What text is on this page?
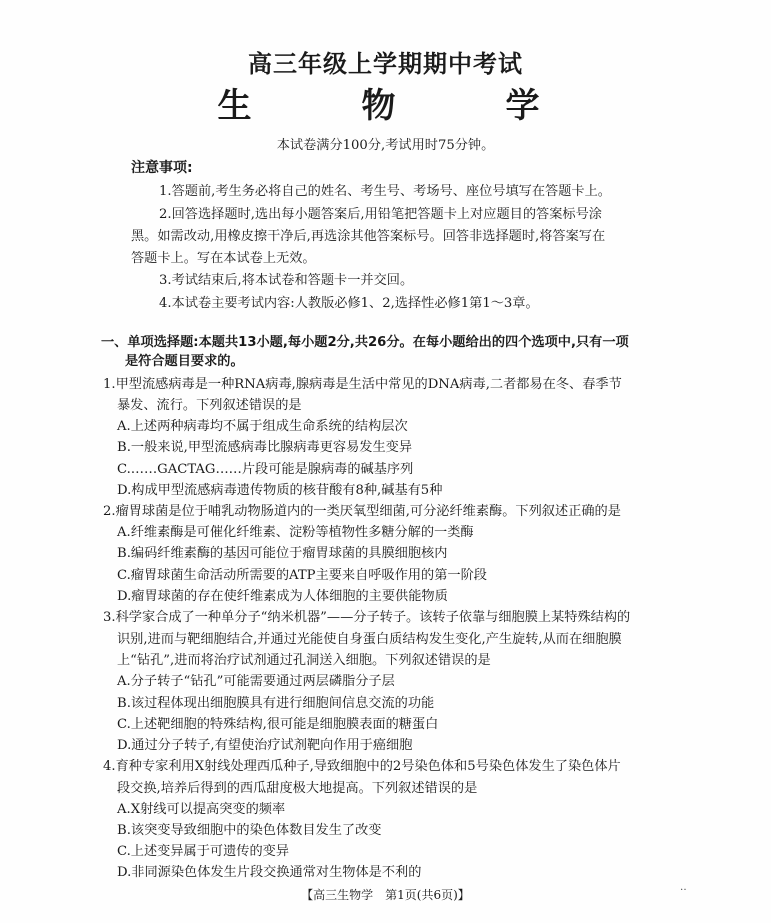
高三年级上学期期中考试
生　物　学
本试卷满分100分,考试用时75分钟。
注意事项:
1.答题前,考生务必将自己的姓名、考生号、考场号、座位号填写在答题卡上。
2.回答选择题时,选出每小题答案后,用铅笔把答题卡上对应题目的答案标号涂
黑。如需改动,用橡皮擦干净后,再选涂其他答案标号。回答非选择题时,将答案写在
答题卡上。写在本试卷上无效。
3.考试结束后,将本试卷和答题卡一并交回。
4.本试卷主要考试内容:人教版必修1、2,选择性必修1第1～3章。
一、单项选择题:本题共13小题,每小题2分,共26分。在每小题给出的四个选项中,只有一项
是符合题目要求的。
1.甲型流感病毒是一种RNA病毒,腺病毒是生活中常见的DNA病毒,二者都易在冬、春季节
暴发、流行。下列叙述错误的是
A.上述两种病毒均不属于组成生命系统的结构层次
B.一般来说,甲型流感病毒比腺病毒更容易发生变异
C.……GACTAG……片段可能是腺病毒的碱基序列
D.构成甲型流感病毒遗传物质的核苷酸有8种,碱基有5种
2.瘤胃球菌是位于哺乳动物肠道内的一类厌氧型细菌,可分泌纤维素酶。下列叙述正确的是
A.纤维素酶是可催化纤维素、淀粉等植物性多糖分解的一类酶
B.编码纤维素酶的基因可能位于瘤胃球菌的具膜细胞核内
C.瘤胃球菌生命活动所需要的ATP主要来自呼吸作用的第一阶段
D.瘤胃球菌的存在使纤维素成为人体细胞的主要供能物质
3.科学家合成了一种单分子“纳米机器”——分子转子。该转子依靠与细胞膜上某特殊结构的
识别,进而与靶细胞结合,并通过光能使自身蛋白质结构发生变化,产生旋转,从而在细胞膜
上“钻孔”,进而将治疗试剂通过孔洞送入细胞。下列叙述错误的是
A.分子转子“钻孔”可能需要通过两层磷脂分子层
B.该过程体现出细胞膜具有进行细胞间信息交流的功能
C.上述靶细胞的特殊结构,很可能是细胞膜表面的糖蛋白
D.通过分子转子,有望使治疗试剂靶向作用于癌细胞
4.育种专家利用X射线处理西瓜种子,导致细胞中的2号染色体和5号染色体发生了染色体片
段交换,培养后得到的西瓜甜度极大地提高。下列叙述错误的是
A.X射线可以提高突变的频率
B.该突变导致细胞中的染色体数目发生了改变
C.上述变异属于可遗传的变异
D.非同源染色体发生片段交换通常对生物体是不利的
【高三生物学　第1页(共6页)】
‥
